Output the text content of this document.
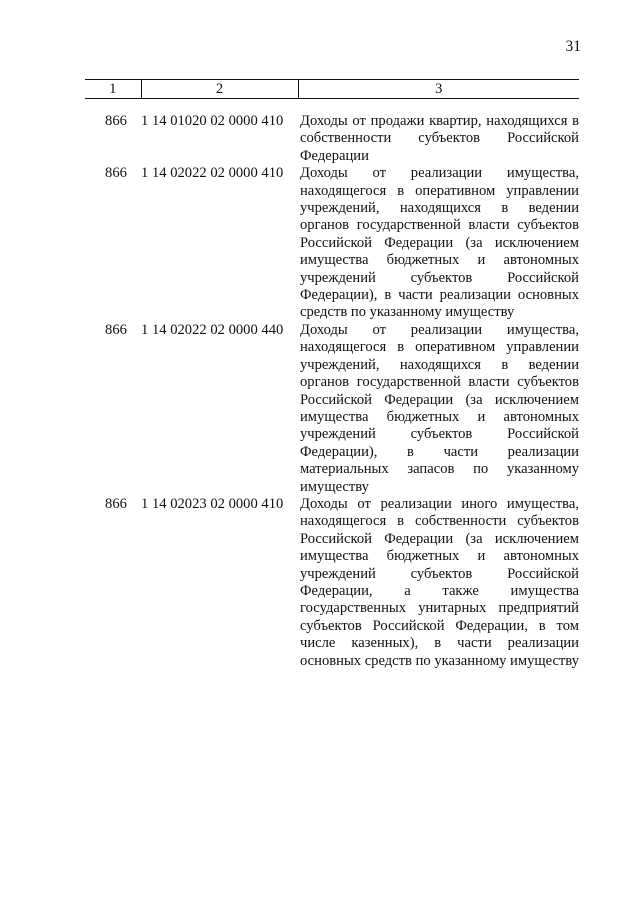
31
1	2	3
866	1 14 01020 02 0000 410	Доходы от продажи квартир, находящихся в собственности субъектов Российской Федерации
866	1 14 02022 02 0000 410	Доходы от реализации имущества, находящегося в оперативном управлении учреждений, находящихся в ведении органов государственной власти субъектов Российской Федерации (за исключением имущества бюджетных и автономных учреждений субъектов Российской Федерации), в части реализации основных средств по указанному имуществу
866	1 14 02022 02 0000 440	Доходы от реализации имущества, находящегося в оперативном управлении учреждений, находящихся в ведении органов государственной власти субъектов Российской Федерации (за исключением имущества бюджетных и автономных учреждений субъектов Российской Федерации), в части реализации материальных запасов по указанному имуществу
866	1 14 02023 02 0000 410	Доходы от реализации иного имущества, находящегося в собственности субъектов Российской Федерации (за исключением имущества бюджетных и автономных учреждений субъектов Российской Федерации, а также имущества государственных унитарных предприятий субъектов Российской Федерации, в том числе казенных), в части реализации основных средств по указанному имуществу
